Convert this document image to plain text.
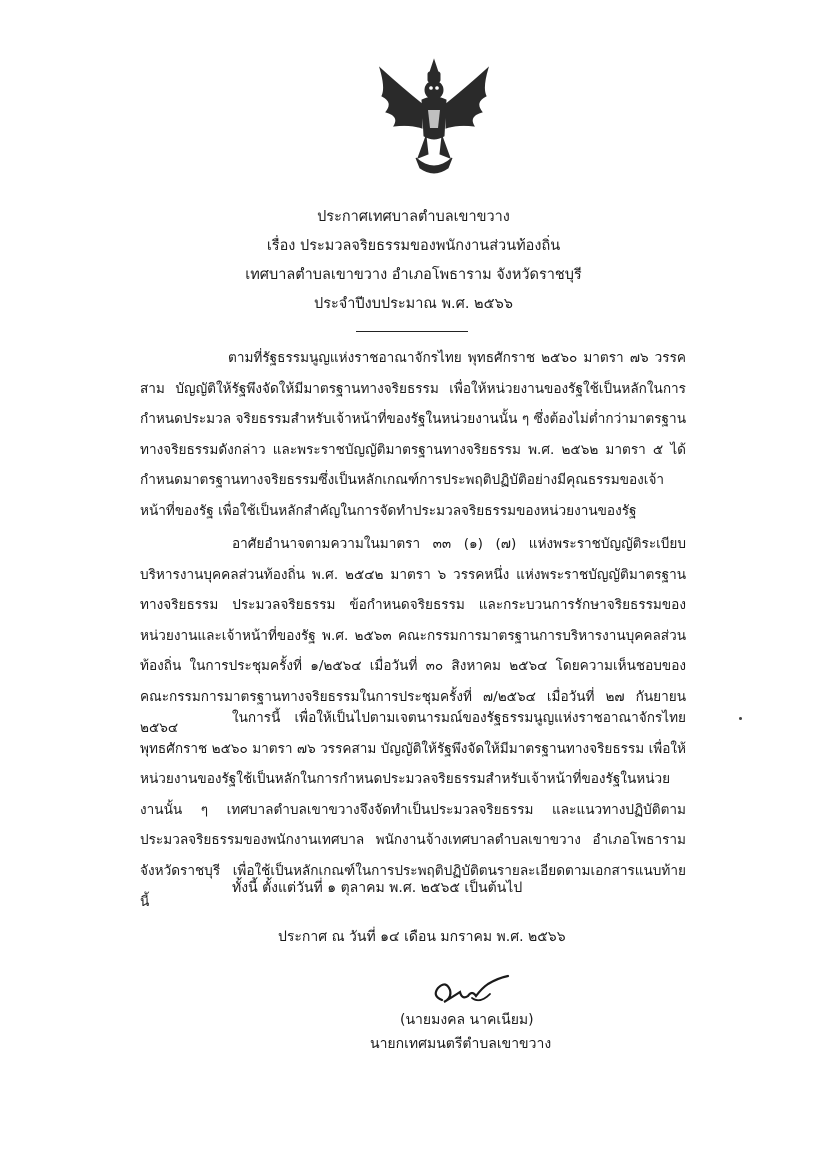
ประกาศเทศบาลตำบลเขาขวาง

เรื่อง ประมวลจริยธรรมของพนักงานส่วนท้องถิ่น

เทศบาลตำบลเขาขวาง อำเภอโพธาราม จังหวัดราชบุรี

ประจำปีงบประมาณ พ.ศ. ๒๕๖๖

ตามที่รัฐธรรมนูญแห่งราชอาณาจักรไทย พุทธศักราช ๒๕๖๐ มาตรา ๗๖ วรรคสาม บัญญัติให้รัฐพึงจัดให้มีมาตรฐานทางจริยธรรม เพื่อให้หน่วยงานของรัฐใช้เป็นหลักในการกำหนดประมวล จริยธรรมสำหรับเจ้าหน้าที่ของรัฐในหน่วยงานนั้น ๆ ซึ่งต้องไม่ต่ำกว่ามาตรฐานทางจริยธรรมดังกล่าว และพระราชบัญญัติมาตรฐานทางจริยธรรม พ.ศ. ๒๕๖๒ มาตรา ๕ ได้กำหนดมาตรฐานทางจริยธรรมซึ่งเป็นหลักเกณฑ์การประพฤติปฏิบัติอย่างมีคุณธรรมของเจ้าหน้าที่ของรัฐ เพื่อใช้เป็นหลักสำคัญในการจัดทำประมวลจริยธรรมของหน่วยงานของรัฐ

อาศัยอำนาจตามความในมาตรา ๓๓ (๑) (๗) แห่งพระราชบัญญัติระเบียบบริหารงานบุคคลส่วนท้องถิ่น พ.ศ. ๒๕๔๒ มาตรา ๖ วรรคหนึ่ง แห่งพระราชบัญญัติมาตรฐานทางจริยธรรม ประมวลจริยธรรม ข้อกำหนดจริยธรรม และกระบวนการรักษาจริยธรรมของหน่วยงานและเจ้าหน้าที่ของรัฐ พ.ศ. ๒๕๖๓ คณะกรรมการมาตรฐานการบริหารงานบุคคลส่วนท้องถิ่น ในการประชุมครั้งที่ ๑/๒๕๖๔ เมื่อวันที่ ๓๐ สิงหาคม ๒๕๖๔ โดยความเห็นชอบของคณะกรรมการมาตรฐานทางจริยธรรมในการประชุมครั้งที่ ๗/๒๕๖๔ เมื่อวันที่ ๒๗ กันยายน ๒๕๖๔

ในการนี้ เพื่อให้เป็นไปตามเจตนารมณ์ของรัฐธรรมนูญแห่งราชอาณาจักรไทย พุทธศักราช ๒๕๖๐ มาตรา ๗๖ วรรคสาม บัญญัติให้รัฐพึงจัดให้มีมาตรฐานทางจริยธรรม เพื่อให้หน่วยงานของรัฐใช้เป็นหลักในการกำหนดประมวลจริยธรรมสำหรับเจ้าหน้าที่ของรัฐในหน่วยงานนั้น ๆ เทศบาลตำบลเขาขวางจึงจัดทำเป็นประมวลจริยธรรม และแนวทางปฏิบัติตามประมวลจริยธรรมของพนักงานเทศบาล พนักงานจ้างเทศบาลตำบลเขาขวาง อำเภอโพธาราม จังหวัดราชบุรี เพื่อใช้เป็นหลักเกณฑ์ในการประพฤติปฏิบัติตนรายละเอียดตามเอกสารแนบท้ายนี้

ทั้งนี้ ตั้งแต่วันที่ ๑ ตุลาคม พ.ศ. ๒๕๖๕ เป็นต้นไป

ประกาศ ณ วันที่ ๑๔ เดือน มกราคม พ.ศ. ๒๕๖๖

(นายมงคล นาคเนียม)

นายกเทศมนตรีตำบลเขาขวาง
